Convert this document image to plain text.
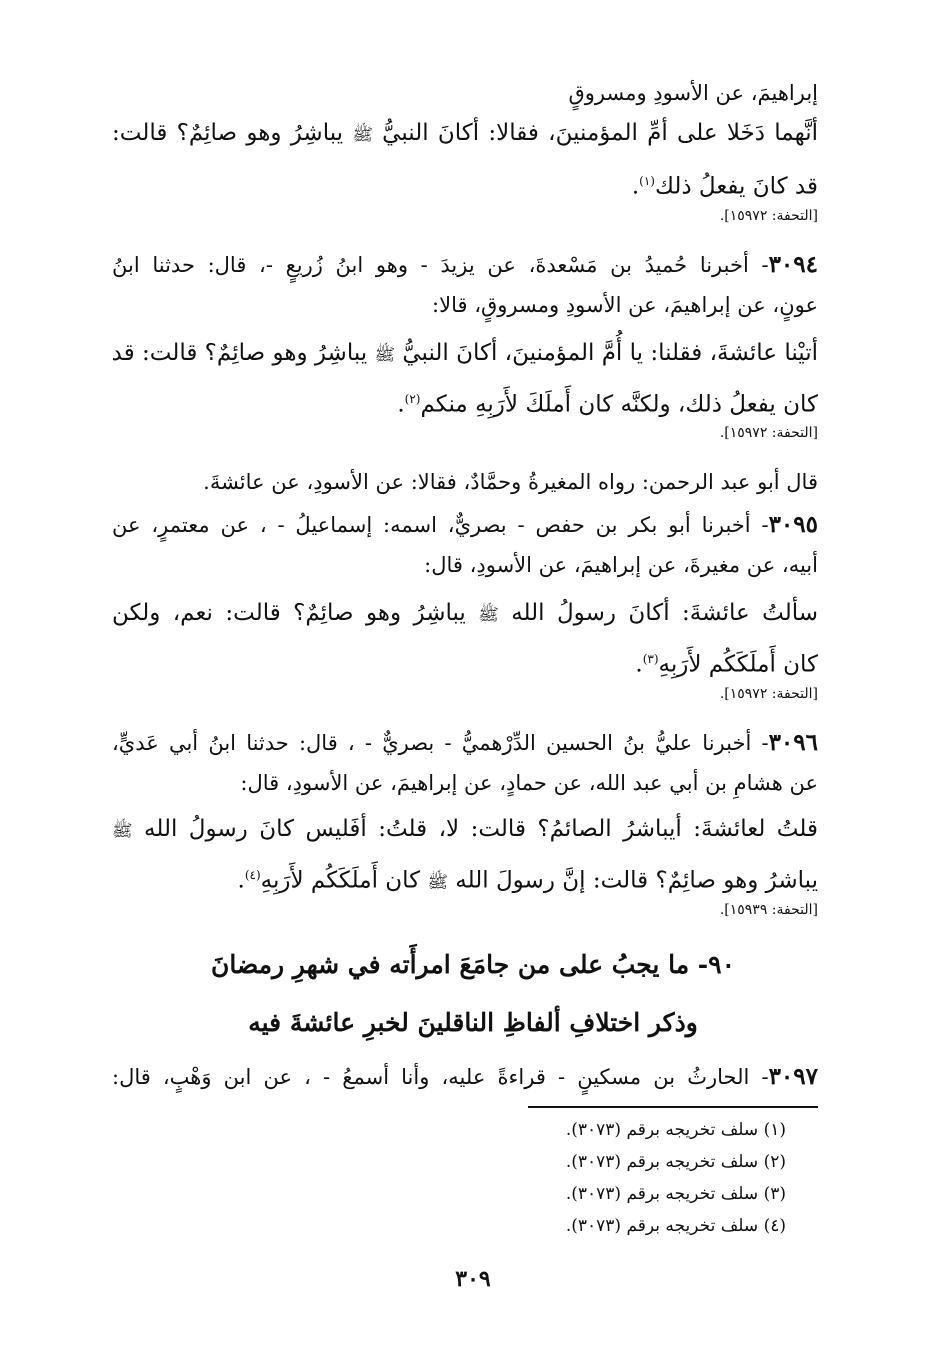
إبراهيمَ، عن الأسودِ ومسروقٍ
أنَّهما دَخَلا على أمِّ المؤمنينَ، فقالا: أكانَ النبيُّ ﷺ يباشِرُ وهو صائِمٌ؟ قالت:
قد كانَ يفعلُ ذلك$^{(١)}$.
[التحفة: ١٥٩٧٢].
٣٠٩٤- أخبرنا حُميدُ بن مَسْعدةَ، عن يزيدَ - وهو ابنُ زُريعٍ -، قال: حدثنا ابنُ
عونٍ، عن إبراهيمَ، عن الأسودِ ومسروقٍ، قالا:
أتيْنا عائشةَ، فقلنا: يا أُمَّ المؤمنينَ، أكانَ النبيُّ ﷺ يباشِرُ وهو صائِمٌ؟ قالت: قد
كان يفعلُ ذلك، ولكنَّه كان أَملَكَ لأَرَبِهِ منكم$^{(٢)}$.
[التحفة: ١٥٩٧٢].
قال أبو عبد الرحمن: رواه المغيرةُ وحمَّادٌ، فقالا: عن الأسودِ، عن عائشةَ.
٣٠٩٥- أخبرنا أبو بكر بن حفص - بصريٌّ، اسمه: إسماعيلُ - ، عن معتمرٍ، عن
أبيه، عن مغيرةَ، عن إبراهيمَ، عن الأسودِ، قال:
سألتُ عائشةَ: أكانَ رسولُ الله ﷺ يباشِرُ وهو صائِمٌ؟ قالت: نعم، ولكن
كان أَملَكَكُم لأَرَبِهِ$^{(٣)}$.
[التحفة: ١٥٩٧٢].
٣٠٩٦- أخبرنا عليُّ بنُ الحسين الدِّرْهميُّ - بصريٌّ - ، قال: حدثنا ابنُ أبي عَديٍّ،
عن هشامِ بن أبي عبد الله، عن حمادٍ، عن إبراهيمَ، عن الأسودِ، قال:
قلتُ لعائشةَ: أيباشرُ الصائمُ؟ قالت: لا، قلتُ: أفَليس كانَ رسولُ الله ﷺ
يباشرُ وهو صائِمٌ؟ قالت: إنَّ رسولَ الله ﷺ كان أَملَكَكُم لأَرَبِهِ$^{(٤)}$.
[التحفة: ١٥٩٣٩].
٩٠- ما يجبُ على من جامَعَ امرأَته في شهرِ رمضانَ
وذكر اختلافِ ألفاظِ الناقلينَ لخبرِ عائشةَ فيه
٣٠٩٧- الحارثُ بن مسكينٍ - قراءةً عليه، وأنا أسمعُ - ، عن ابن وَهْبٍ، قال:
(١) سلف تخريجه برقم (٣٠٧٣).
(٢) سلف تخريجه برقم (٣٠٧٣).
(٣) سلف تخريجه برقم (٣٠٧٣).
(٤) سلف تخريجه برقم (٣٠٧٣).
٣٠٩
